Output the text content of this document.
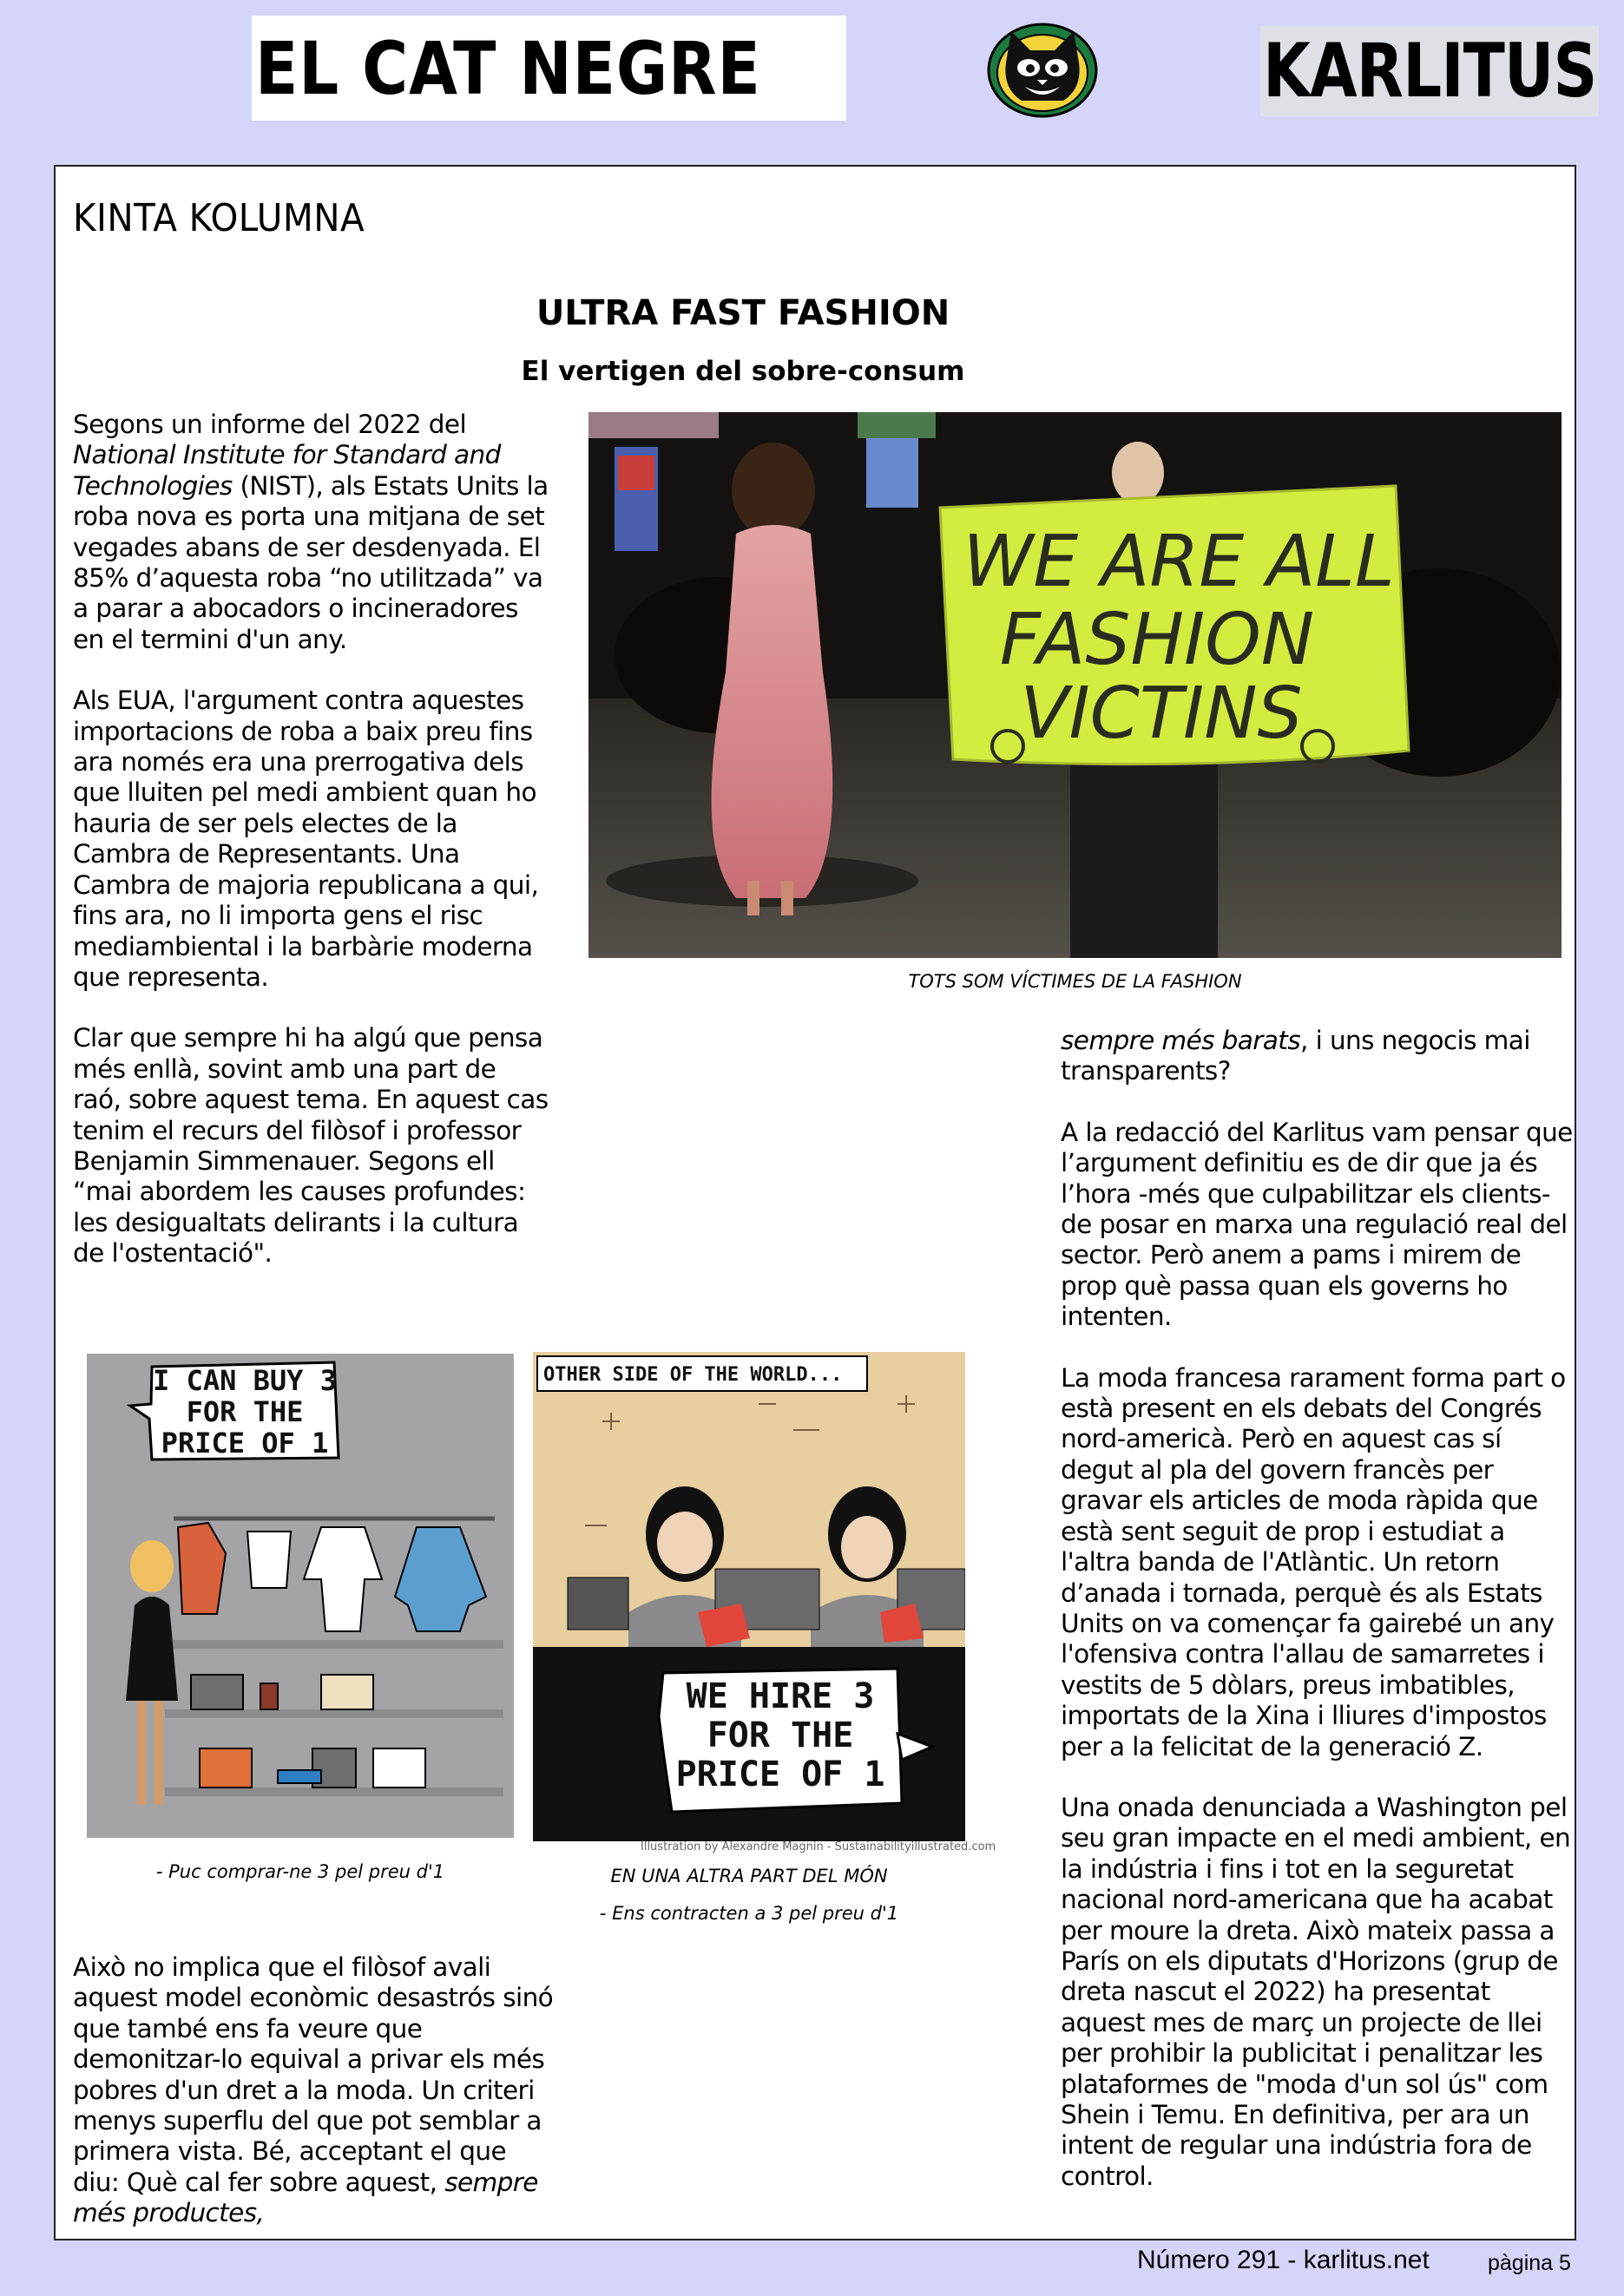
EL CAT NEGRE	KARLITUS
KINTA KOLUMNA
ULTRA FAST FASHION
El vertigen del sobre-consum

Segons un informe del 2022 del National Institute for Standard and Technologies (NIST), als Estats Units la roba nova es porta una mitjana de set vegades abans de ser desdenyada. El 85% d’aquesta roba “no utilitzada” va a parar a abocadors o incineradores en el termini d'un any.

Als EUA, l'argument contra aquestes importacions de roba a baix preu fins ara només era una prerrogativa dels que lluiten pel medi ambient quan ho hauria de ser pels electes de la Cambra de Representants. Una Cambra de majoria republicana a qui, fins ara, no li importa gens el risc mediambiental i la barbàrie moderna que representa.

Clar que sempre hi ha algú que pensa més enllà, sovint amb una part de raó, sobre aquest tema. En aquest cas tenim el recurs del filòsof i professor Benjamin Simmenauer. Segons ell “mai abordem les causes profundes: les desigualtats delirants i la cultura de l'ostentació".

WE ARE ALL
FASHION
VICTINS
TOTS SOM VÍCTIMES DE LA FASHION

sempre més barats, i uns negocis mai transparents?

A la redacció del Karlitus vam pensar que l’argument definitiu es de dir que ja és l’hora -més que culpabilitzar els clients- de posar en marxa una regulació real del sector. Però anem a pams i mirem de prop què passa quan els governs ho intenten.

La moda francesa rarament forma part o està present en els debats del Congrés nord-americà. Però en aquest cas sí degut al pla del govern francès per gravar els articles de moda ràpida que està sent seguit de prop i estudiat a l'altra banda de l'Atlàntic. Un retorn d’anada i tornada, perquè és als Estats Units on va començar fa gairebé un any l'ofensiva contra l'allau de samarretes i vestits de 5 dòlars, preus imbatibles, importats de la Xina i lliures d'impostos per a la felicitat de la generació Z.

Una onada denunciada a Washington pel seu gran impacte en el medi ambient, en la indústria i fins i tot en la seguretat nacional nord-americana que ha acabat per moure la dreta. Això mateix passa a París on els diputats d'Horizons (grup de dreta nascut el 2022) ha presentat aquest mes de març un projecte de llei per prohibir la publicitat i penalitzar les plataformes de "moda d'un sol ús" com Shein i Temu. En definitiva, per ara un intent de regular una indústria fora de control.

I CAN BUY 3
FOR THE
PRICE OF 1
- Puc comprar-ne 3 pel preu d'1
OTHER SIDE OF THE WORLD...
WE HIRE 3
FOR THE
PRICE OF 1
Illustration by Alexandre Magnin - Sustainabilityillustrated.com
EN UNA ALTRA PART DEL MÓN
- Ens contracten a 3 pel preu d'1

Això no implica que el filòsof avali aquest model econòmic desastrós sinó que també ens fa veure que demonitzar-lo equival a privar els més pobres d'un dret a la moda. Un criteri menys superflu del que pot semblar a primera vista. Bé, acceptant el que diu: Què cal fer sobre aquest, sempre més productes,

Número 291 - karlitus.net	pàgina 5
